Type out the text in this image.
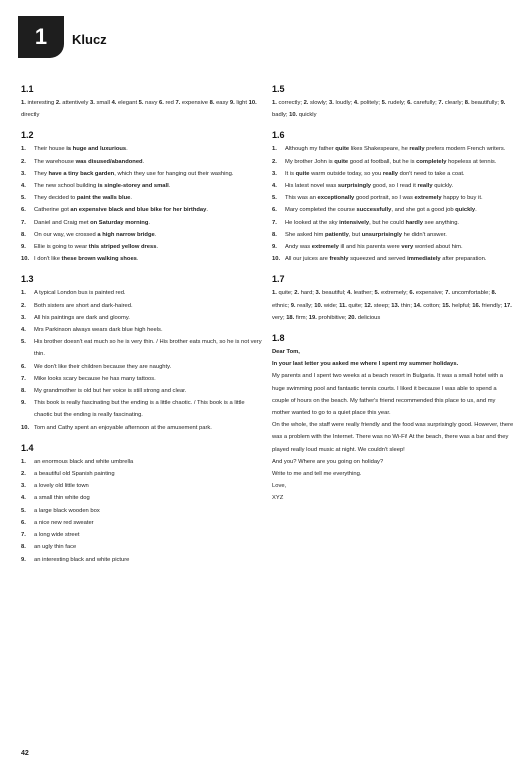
1	Klucz
1.1
1. interesting 2. attentively 3. small 4. elegant 5. navy 6. red 7. expensive 8. easy 9. light 10. directly
1.2
1. Their house is huge and luxurious.
2. The warehouse was disused/abandoned.
3. They have a tiny back garden, which they use for hanging out their washing.
4. The new school building is single-storey and small.
5. They decided to paint the walls blue.
6. Catherine got an expensive black and blue bike for her birthday.
7. Daniel and Craig met on Saturday morning.
8. On our way, we crossed a high narrow bridge.
9. Ellie is going to wear this striped yellow dress.
10. I don't like these brown walking shoes.
1.3
1. A typical London bus is painted red.
2. Both sisters are short and dark-haired.
3. All his paintings are dark and gloomy.
4. Mrs Parkinson always wears dark blue high heels.
5. His brother doesn't eat much so he is very thin. / His brother eats much, so he is not very thin.
6. We don't like their children because they are naughty.
7. Mike looks scary because he has many tattoos.
8. My grandmother is old but her voice is still strong and clear.
9. This book is really fascinating but the ending is a little chaotic. / This book is a little chaotic but the ending is really fascinating.
10. Tom and Cathy spent an enjoyable afternoon at the amusement park.
1.4
1. an enormous black and white umbrella
2. a beautiful old Spanish painting
3. a lovely old little town
4. a small thin white dog
5. a large black wooden box
6. a nice new red sweater
7. a long wide street
8. an ugly thin face
9. an interesting black and white picture
1.5
1. correctly; 2. slowly; 3. loudly; 4. politely; 5. rudely; 6. carefully; 7. clearly; 8. beautifully; 9. badly; 10. quickly
1.6
1. Although my father quite likes Shakespeare, he really prefers modern French writers.
2. My brother John is quite good at football, but he is completely hopeless at tennis.
3. It is quite warm outside today, so you really don't need to take a coat.
4. His latest novel was surprisingly good, so I read it really quickly.
5. This was an exceptionally good portrait, so I was extremely happy to buy it.
6. Mary completed the course successfully, and she got a good job quickly.
7. He looked at the sky intensively, but he could hardly see anything.
8. She asked him patiently, but unsurprisingly he didn't answer.
9. Andy was extremely ill and his parents were very worried about him.
10. All our juices are freshly squeezed and served immediately after preparation.
1.7
1. quite; 2. hard; 3. beautiful; 4. leather; 5. extremely; 6. expensive; 7. uncomfortable; 8. ethnic; 9. really; 10. wide; 11. quite; 12. steep; 13. thin; 14. cotton; 15. helpful; 16. friendly; 17. very; 18. firm; 19. prohibitive; 20. delicious
1.8

Dear Tom,

In your last letter you asked me where I spent my summer holidays.

My parents and I spent two weeks at a beach resort in Bulgaria. It was a small hotel with a huge swimming pool and fantastic tennis courts. I liked it because I was able to spend a couple of hours on the beach. My father's friend recommended this place to us, and my mother wanted to go to a quiet place this year.

On the whole, the staff were really friendly and the food was surprisingly good. However, there was a problem with the Internet. There was no Wi-Fi! At the beach, there was a bar and they played really loud music at night. We couldn't sleep!

And you? Where are you going on holiday?

Write to me and tell me everything.

Love,

XYZ

42
